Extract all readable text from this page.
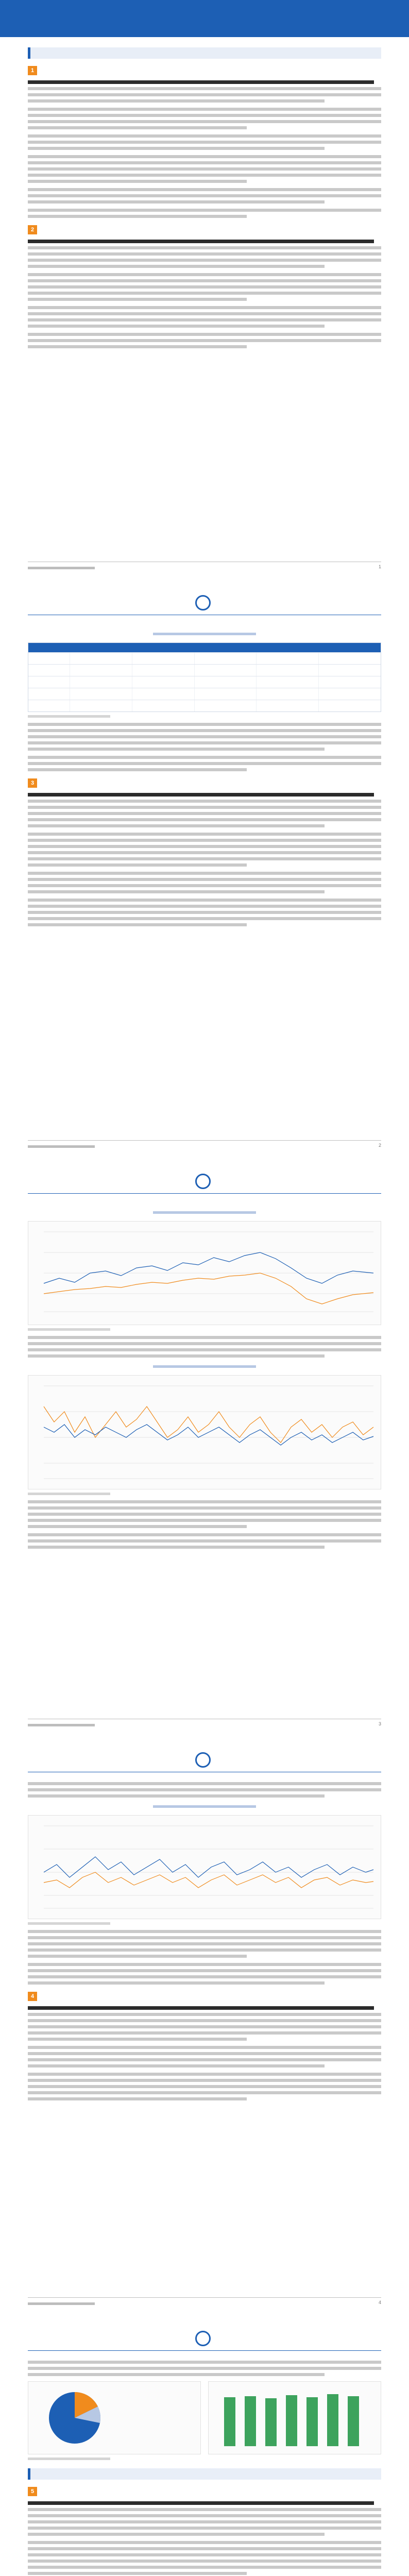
1
2
1
3
2
3
4
4
5
